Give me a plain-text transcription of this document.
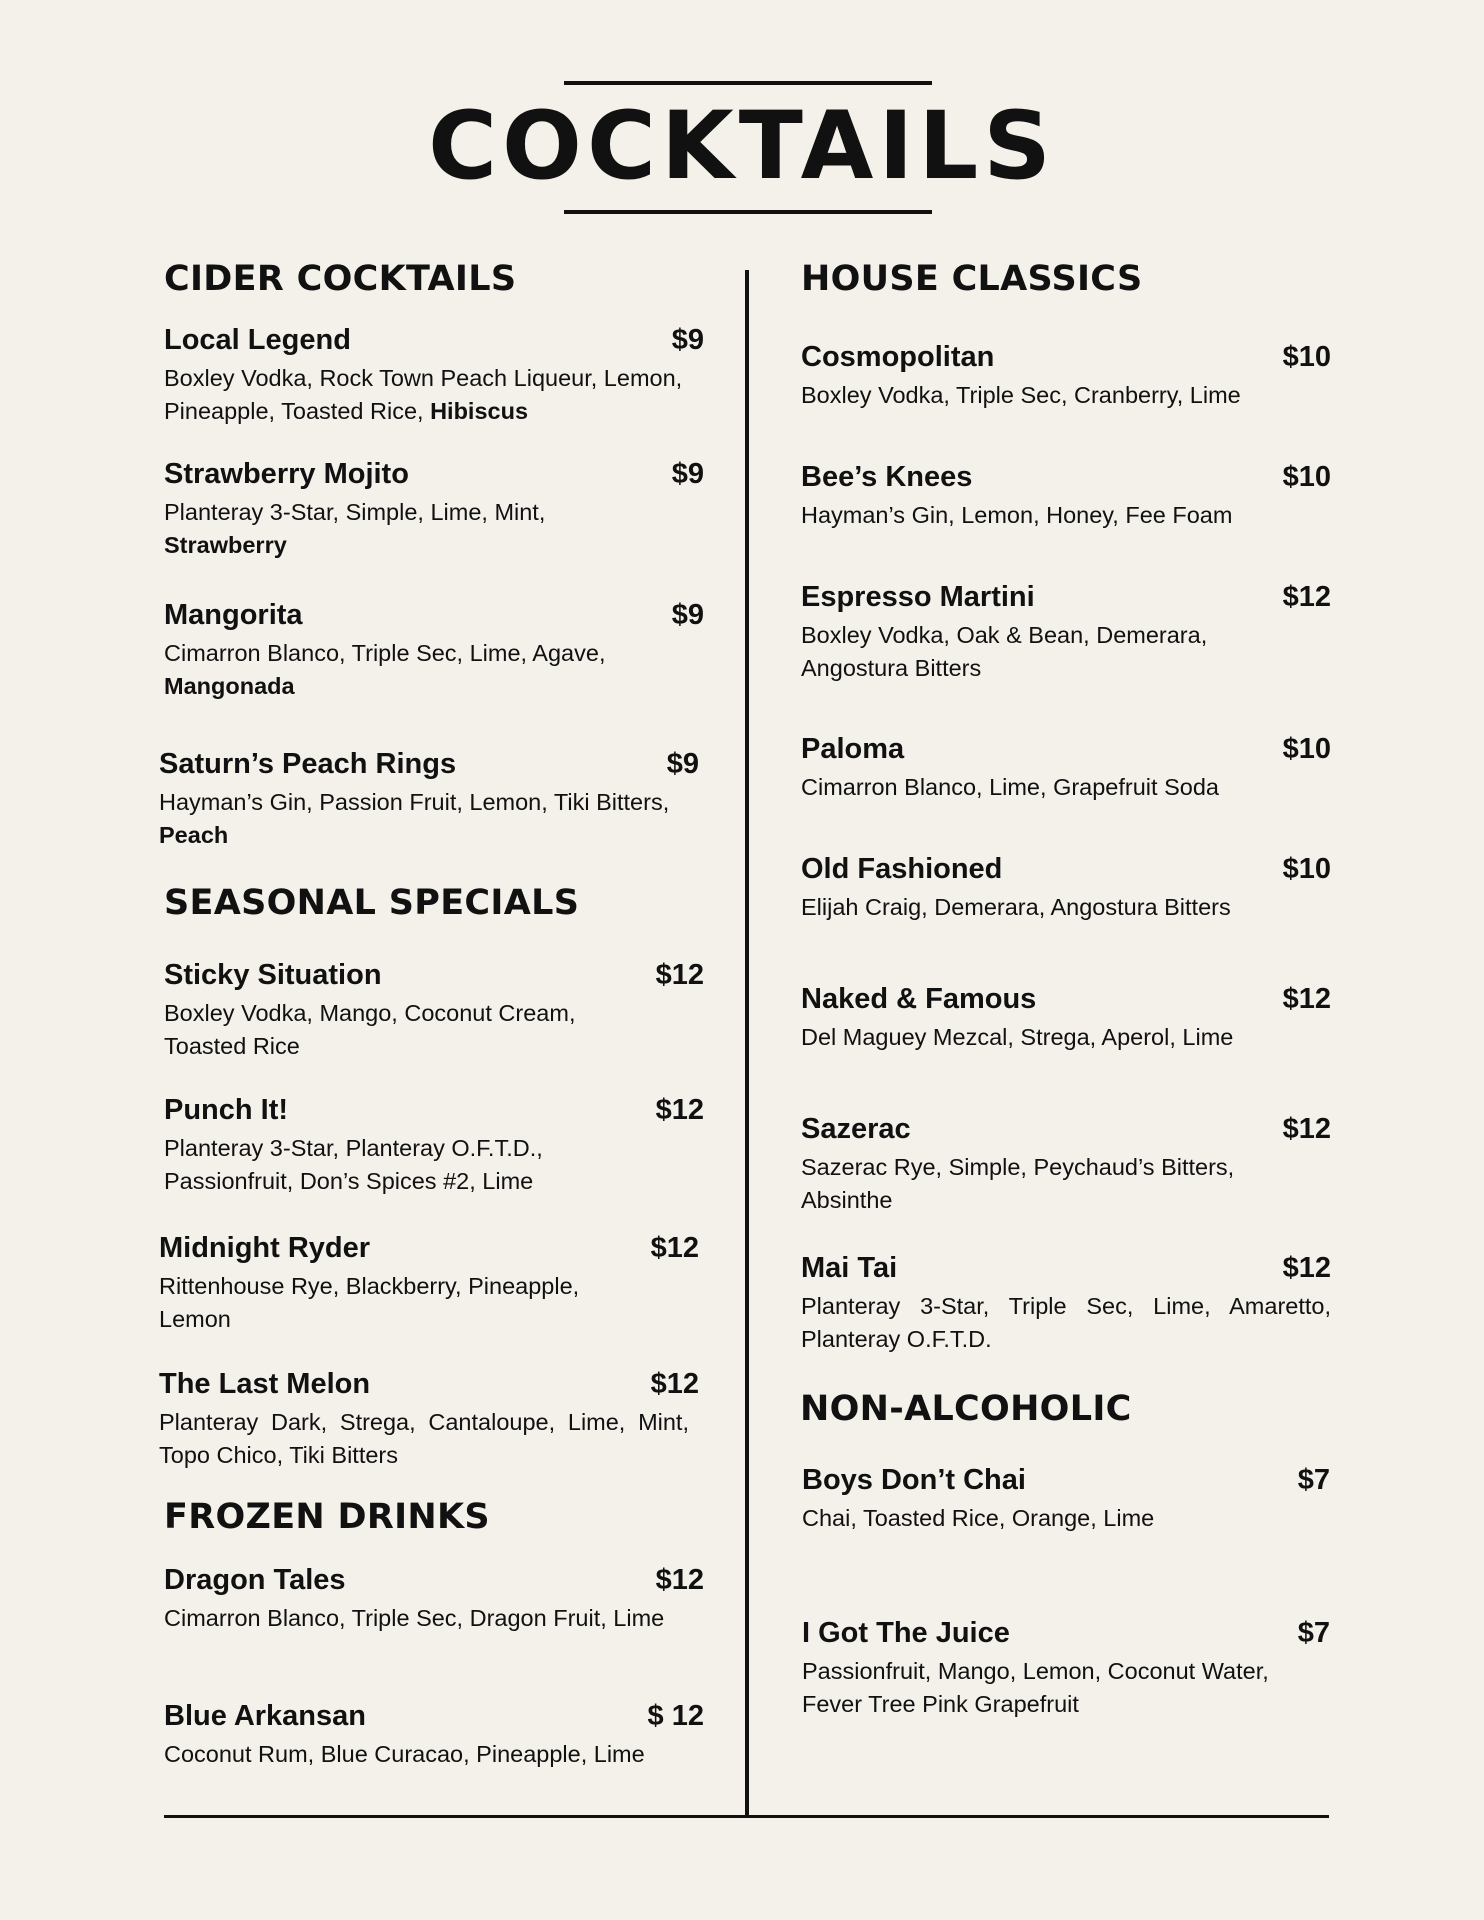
COCKTAILS
CIDER COCKTAILS
Local Legend	$9
Boxley Vodka, Rock Town Peach Liqueur, Lemon, Pineapple, Toasted Rice, Hibiscus
Strawberry Mojito	$9
Planteray 3-Star, Simple, Lime, Mint, Strawberry
Mangorita	$9
Cimarron Blanco, Triple Sec, Lime, Agave, Mangonada
Saturn’s Peach Rings	$9
Hayman’s Gin, Passion Fruit, Lemon, Tiki Bitters, Peach
SEASONAL SPECIALS
Sticky Situation	$12
Boxley Vodka, Mango, Coconut Cream, Toasted Rice
Punch It!	$12
Planteray 3-Star, Planteray O.F.T.D., Passionfruit, Don’s Spices #2, Lime
Midnight Ryder	$12
Rittenhouse Rye, Blackberry, Pineapple, Lemon
The Last Melon	$12
Planteray Dark, Strega, Cantaloupe, Lime, Mint, Topo Chico, Tiki Bitters
FROZEN DRINKS
Dragon Tales	$12
Cimarron Blanco, Triple Sec, Dragon Fruit, Lime
Blue Arkansan	$ 12
Coconut Rum, Blue Curacao, Pineapple, Lime
HOUSE CLASSICS
Cosmopolitan	$10
Boxley Vodka, Triple Sec, Cranberry, Lime
Bee’s Knees	$10
Hayman’s Gin, Lemon, Honey, Fee Foam
Espresso Martini	$12
Boxley Vodka, Oak & Bean, Demerara, Angostura Bitters
Paloma	$10
Cimarron Blanco, Lime, Grapefruit Soda
Old Fashioned	$10
Elijah Craig, Demerara, Angostura Bitters
Naked & Famous	$12
Del Maguey Mezcal, Strega, Aperol, Lime
Sazerac	$12
Sazerac Rye, Simple, Peychaud’s Bitters, Absinthe
Mai Tai	$12
Planteray 3-Star, Triple Sec, Lime, Amaretto, Planteray O.F.T.D.
NON-ALCOHOLIC
Boys Don’t Chai	$7
Chai, Toasted Rice, Orange, Lime
I Got The Juice	$7
Passionfruit, Mango, Lemon, Coconut Water, Fever Tree Pink Grapefruit
